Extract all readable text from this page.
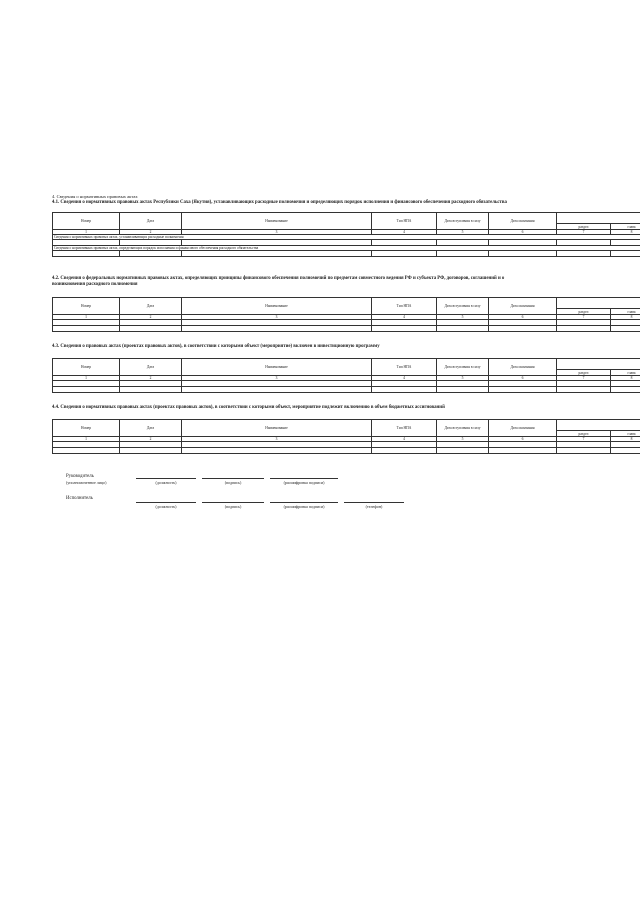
4. Сведения о нормативных правовых актах
4.1. Сведения о нормативных правовых актах Республики Саха (Якутия), устанавливающих расходные полномочия и определяющих порядок исполнения и финансового обеспечения расходного обязательства
Номер	Дата	Наименование	Тип НПА	Дата вступления в силу	Дата окончания		
						раздел	глава
1	2	3	4	5	6	7	8
Сведения о нормативных правовых актах, устанавливающих расходные полномочия							

Сведения о нормативных правовых актах, определяющих порядок исполнения и финансового обеспечения расходного обязательства							

4.2. Сведения о федеральных нормативных правовых актах, определяющих принципы финансового обеспечения полномочий по предметам совместного ведения РФ и субъекта РФ, договоров, соглашений и о
возникновения расходного полномочия
Номер	Дата	Наименование	Тип НПА	Дата вступления в силу	Дата окончания		
						раздел	глава
1	2	3	4	5	6	7	8

4.3. Сведения о правовых актах (проектах правовых актов), в соответствии с которыми объект (мероприятие) включен в инвестиционную программу
Номер	Дата	Наименование	Тип НПА	Дата вступления в силу	Дата окончания		
						раздел	глава
1	2	3	4	5	6	7	8

4.4. Сведения о нормативных правовых актах (проектах правовых актов), в соответствии с которыми объект, мероприятие подлежит включению в объем бюджетных ассигнований
Номер	Дата	Наименование	Тип НПА	Дата вступления в силу	Дата окончания		
						раздел	глава
1	2	3	4	5	6	7	8

Руководитель
(уполномоченное лицо)	(должность)	(подпись)	(расшифровка подписи)
Исполнитель
(должность)	(подпись)	(расшифровка подписи)	(телефон)
